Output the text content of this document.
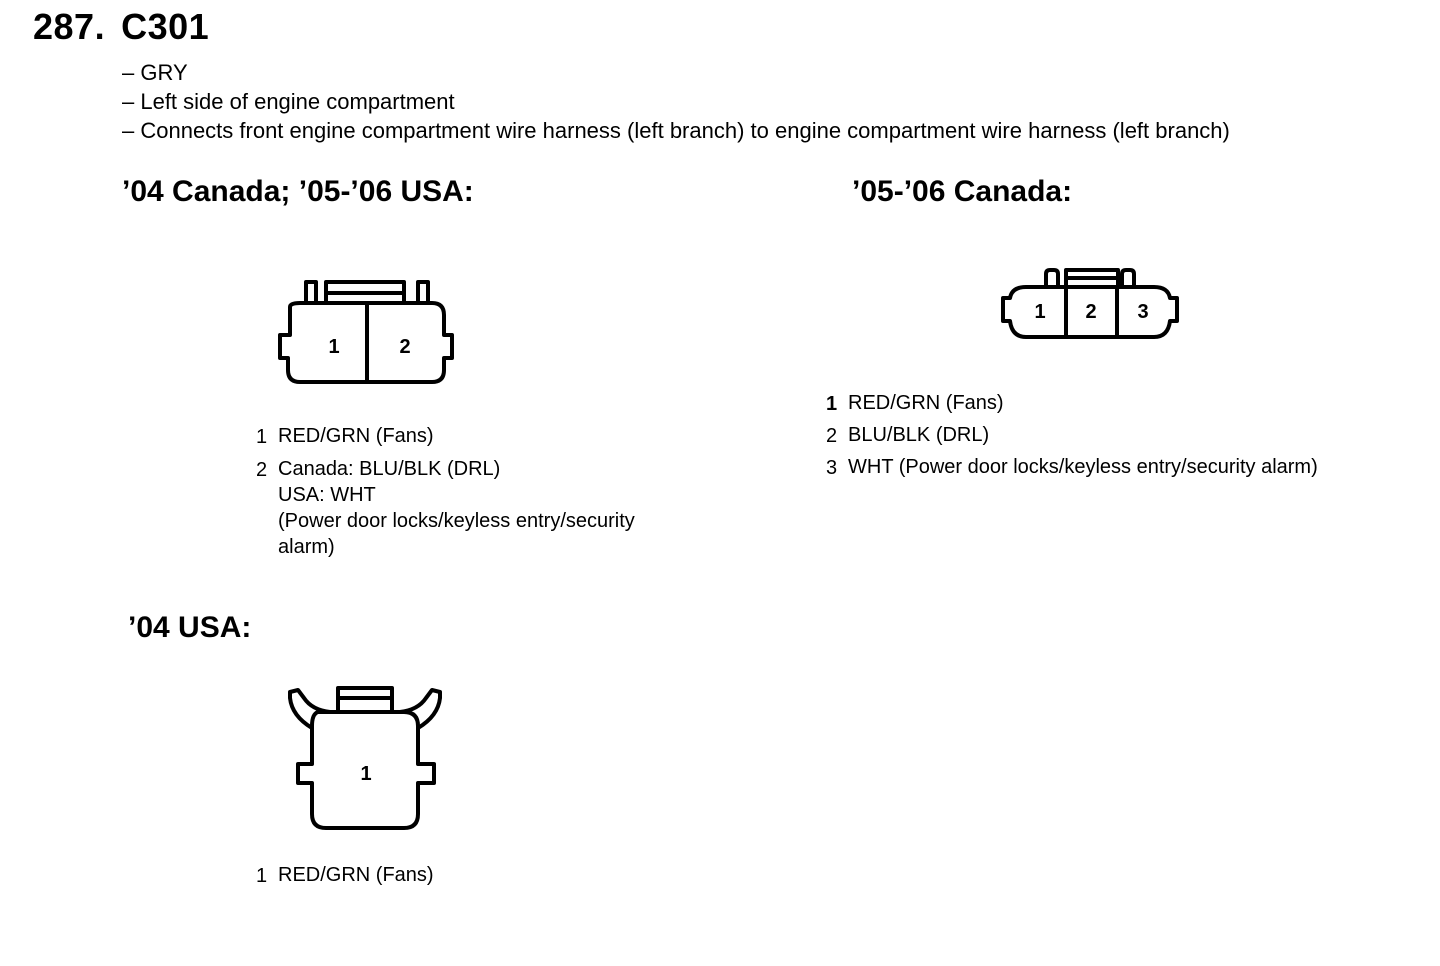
287. C301
– GRY
– Left side of engine compartment
– Connects front engine compartment wire harness (left branch) to engine compartment wire harness (left branch)
’04 Canada; ’05-’06 USA:
1	2
1 RED/GRN (Fans)
2 Canada: BLU/BLK (DRL)
USA: WHT
(Power door locks/keyless entry/security
alarm)
’05-’06 Canada:
1 2 3
1 RED/GRN (Fans)
2 BLU/BLK (DRL)
3 WHT (Power door locks/keyless entry/security alarm)
’04 USA:
1
1 RED/GRN (Fans)
